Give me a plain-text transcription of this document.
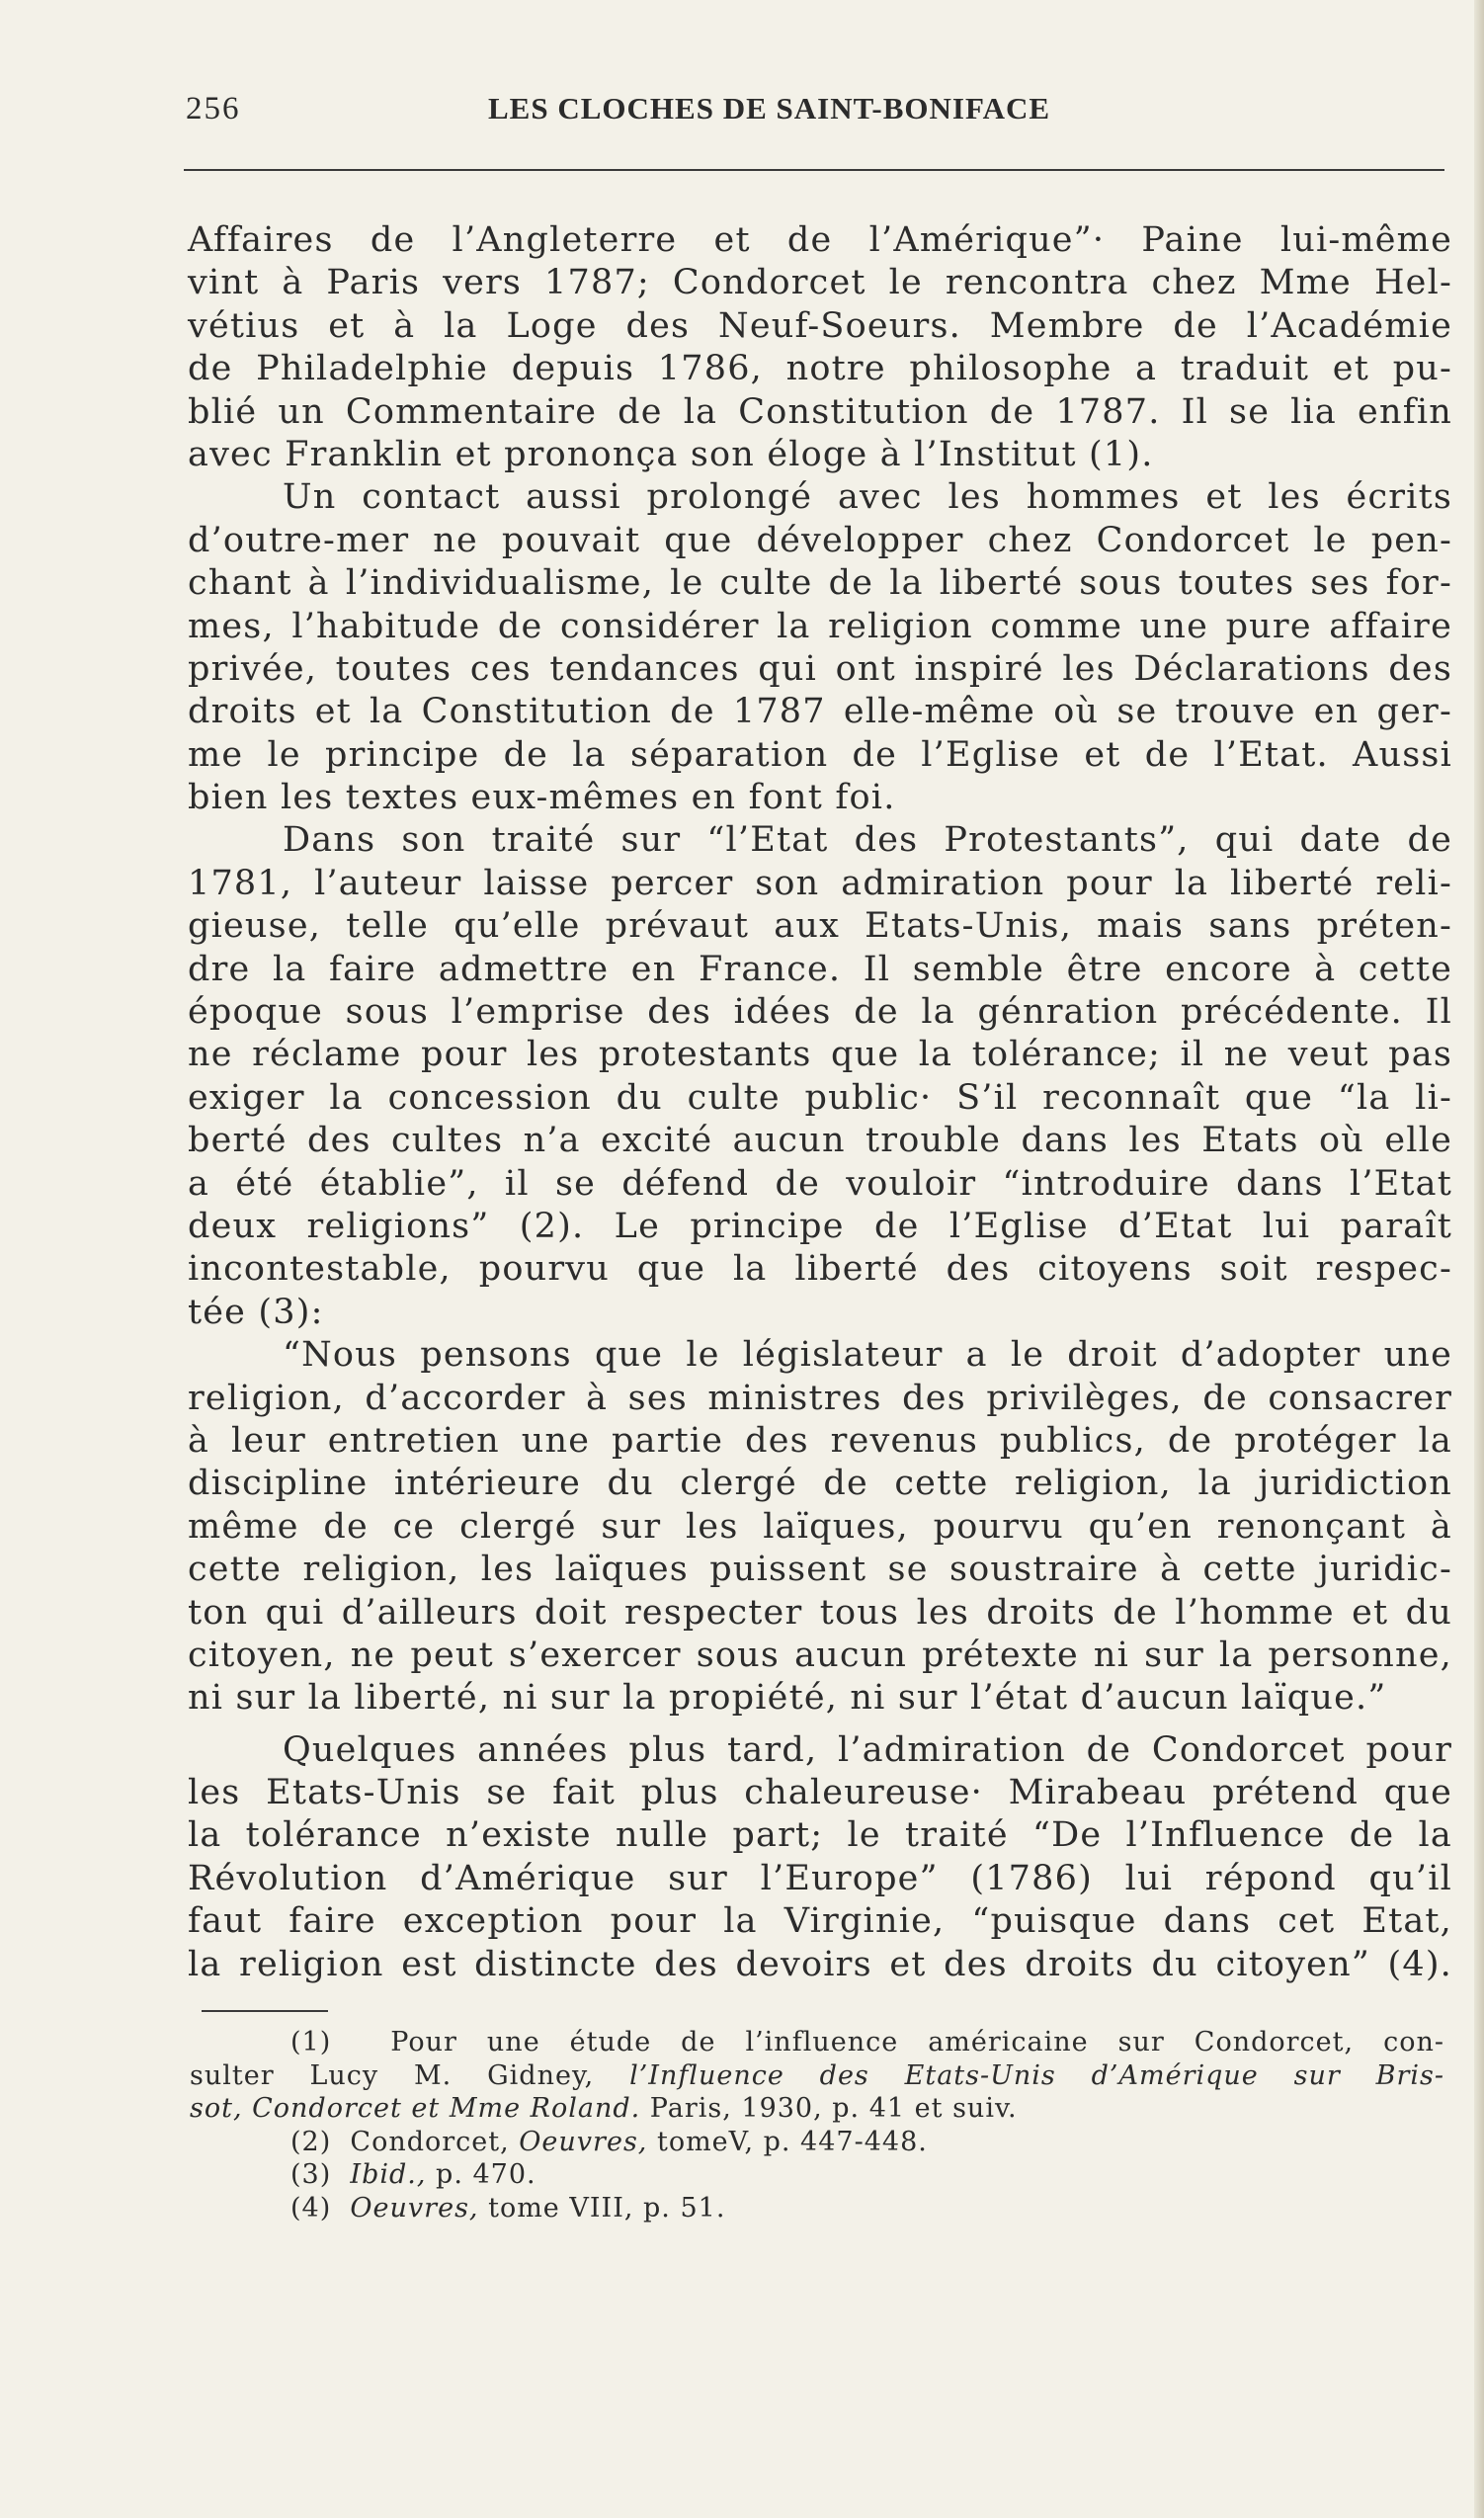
256	LES CLOCHES DE SAINT-BONIFACE
Affaires de l’Angleterre et de l’Amérique”· Paine lui-même
vint à Paris vers 1787; Condorcet le rencontra chez Mme Hel-
vétius et à la Loge des Neuf-Soeurs. Membre de l’Académie
de Philadelphie depuis 1786, notre philosophe a traduit et pu-
blié un Commentaire de la Constitution de 1787. Il se lia enfin
avec Franklin et prononça son éloge à l’Institut (1).
Un contact aussi prolongé avec les hommes et les écrits
d’outre-mer ne pouvait que développer chez Condorcet le pen-
chant à l’individualisme, le culte de la liberté sous toutes ses for-
mes, l’habitude de considérer la religion comme une pure affaire
privée, toutes ces tendances qui ont inspiré les Déclarations des
droits et la Constitution de 1787 elle-même où se trouve en ger-
me le principe de la séparation de l’Eglise et de l’Etat. Aussi
bien les textes eux-mêmes en font foi.
Dans son traité sur “l’Etat des Protestants”, qui date de
1781, l’auteur laisse percer son admiration pour la liberté reli-
gieuse, telle qu’elle prévaut aux Etats-Unis, mais sans préten-
dre la faire admettre en France. Il semble être encore à cette
époque sous l’emprise des idées de la génration précédente. Il
ne réclame pour les protestants que la tolérance; il ne veut pas
exiger la concession du culte public· S’il reconnaît que “la li-
berté des cultes n’a excité aucun trouble dans les Etats où elle
a été établie”, il se défend de vouloir “introduire dans l’Etat
deux religions” (2). Le principe de l’Eglise d’Etat lui paraît
incontestable, pourvu que la liberté des citoyens soit respec-
tée (3):
“Nous pensons que le législateur a le droit d’adopter une
religion, d’accorder à ses ministres des privilèges, de consacrer
à leur entretien une partie des revenus publics, de protéger la
discipline intérieure du clergé de cette religion, la juridiction
même de ce clergé sur les laïques, pourvu qu’en renonçant à
cette religion, les laïques puissent se soustraire à cette juridic-
ton qui d’ailleurs doit respecter tous les droits de l’homme et du
citoyen, ne peut s’exercer sous aucun prétexte ni sur la personne,
ni sur la liberté, ni sur la propiété, ni sur l’état d’aucun laïque.”
Quelques années plus tard, l’admiration de Condorcet pour
les Etats-Unis se fait plus chaleureuse· Mirabeau prétend que
la tolérance n’existe nulle part; le traité “De l’Influence de la
Révolution d’Amérique sur l’Europe” (1786) lui répond qu’il
faut faire exception pour la Virginie, “puisque dans cet Etat,
la religion est distincte des devoirs et des droits du citoyen” (4).
(1) Pour une étude de l’influence américaine sur Condorcet, con-
sulter Lucy M. Gidney, l’Influence des Etats-Unis d’Amérique sur Bris-
sot, Condorcet et Mme Roland. Paris, 1930, p. 41 et suiv.
(2) Condorcet, Oeuvres, tomeV, p. 447-448.
(3) Ibid., p. 470.
(4) Oeuvres, tome VIII, p. 51.
